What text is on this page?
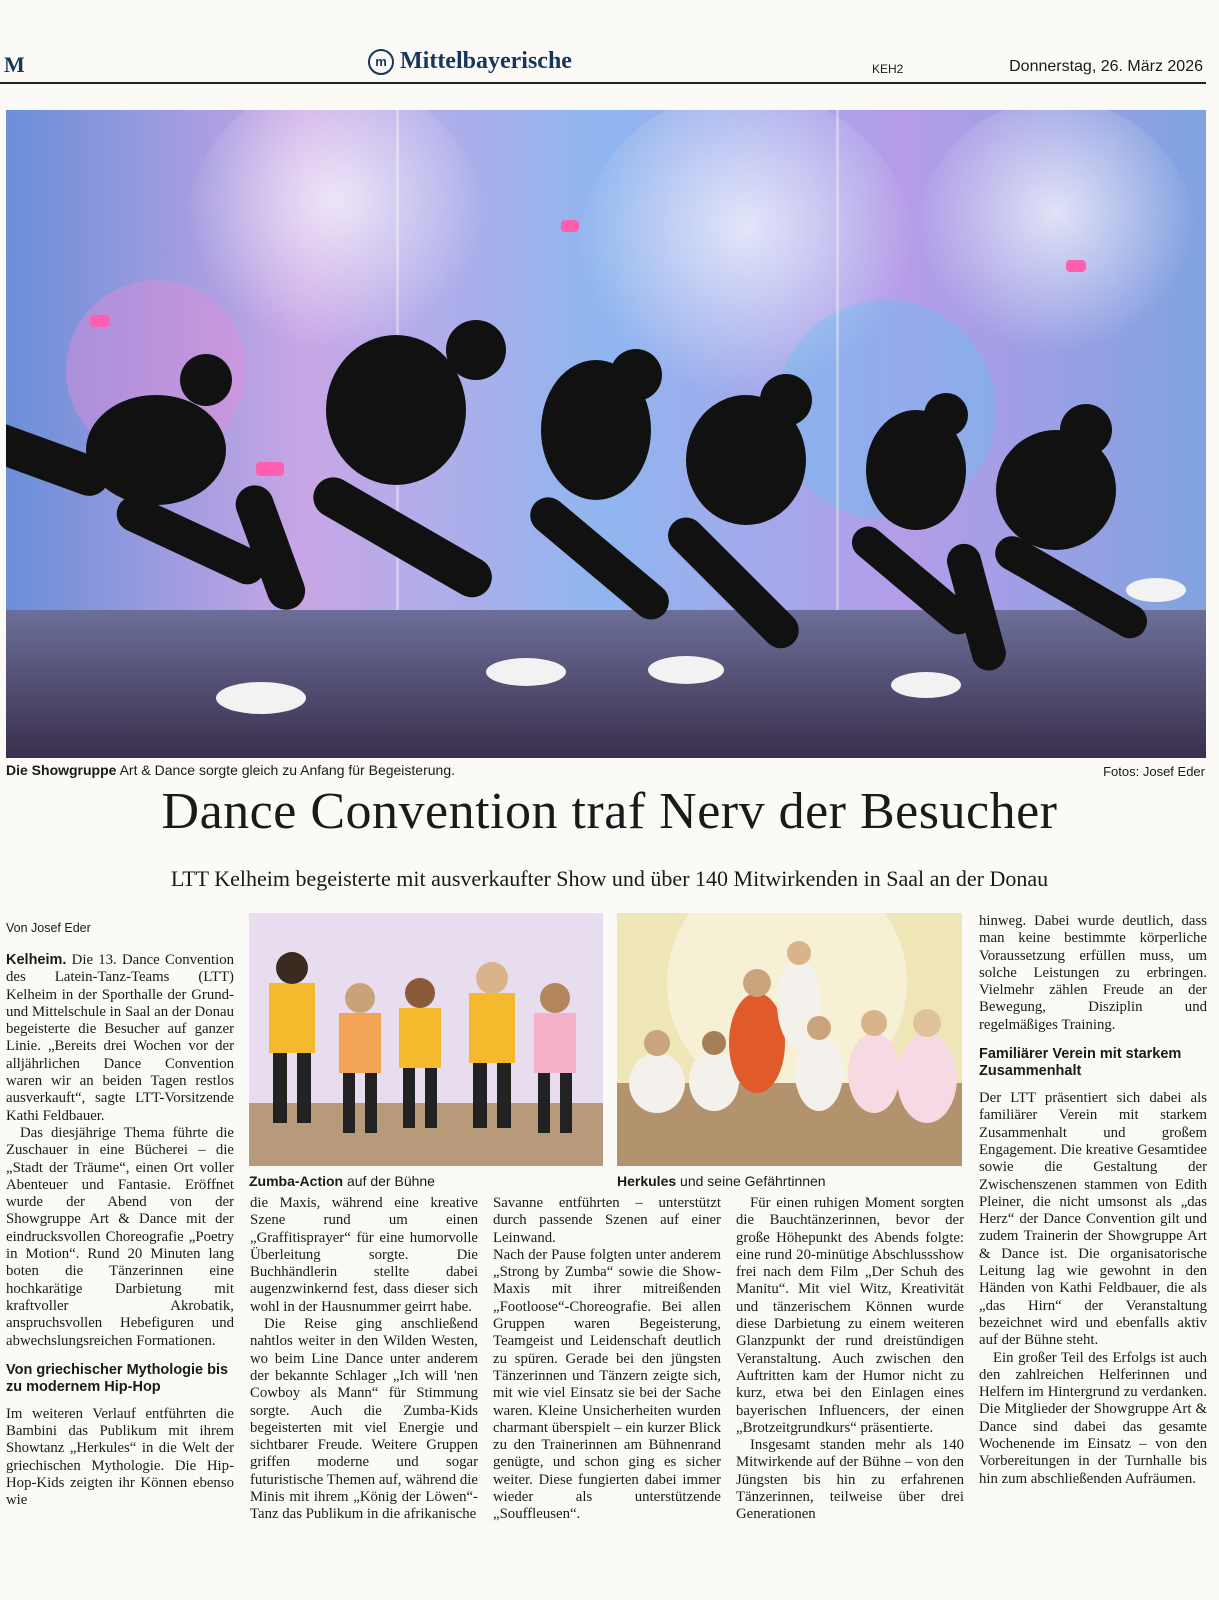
M	m Mittelbayerische	KEH2	Donnerstag, 26. März 2026
Die Showgruppe Art & Dance sorgte gleich zu Anfang für Begeisterung.	Fotos: Josef Eder
Dance Convention traf Nerv der Besucher
LTT Kelheim begeisterte mit ausverkaufter Show und über 140 Mitwirkenden in Saal an der Donau
Von Josef Eder

Kelheim. Die 13. Dance Convention des Latein-Tanz-Teams (LTT) Kelheim in der Sporthalle der Grund- und Mittelschule in Saal an der Donau begeisterte die Besucher auf ganzer Linie. „Bereits drei Wochen vor der alljährlichen Dance Convention waren wir an beiden Tagen restlos ausverkauft“, sagte LTT-Vorsitzende Kathi Feldbauer.

Das diesjährige Thema führte die Zuschauer in eine Bücherei – die „Stadt der Träume“, einen Ort voller Abenteuer und Fantasie. Eröffnet wurde der Abend von der Showgruppe Art & Dance mit der eindrucksvollen Choreografie „Poetry in Motion“. Rund 20 Minuten lang boten die Tänzerinnen eine hochkarätige Darbietung mit kraftvoller Akrobatik, anspruchsvollen Hebefiguren und abwechslungsreichen Formationen.

Von griechischer Mythologie bis zu modernem Hip-Hop

Im weiteren Verlauf entführten die Bambini das Publikum mit ihrem Showtanz „Herkules“ in die Welt der griechischen Mythologie. Die Hip-Hop-Kids zeigten ihr Können ebenso wie

Zumba-Action auf der Bühne	Herkules und seine Gefährtinnen

die Maxis, während eine kreative Szene rund um einen „Graffitisprayer“ für eine humorvolle Überleitung sorgte. Die Buchhändlerin stellte dabei augenzwinkernd fest, dass dieser sich wohl in der Hausnummer geirrt habe.

Die Reise ging anschließend nahtlos weiter in den Wilden Westen, wo beim Line Dance unter anderem der bekannte Schlager „Ich will 'nen Cowboy als Mann“ für Stimmung sorgte. Auch die Zumba-Kids begeisterten mit viel Energie und sichtbarer Freude. Weitere Gruppen griffen moderne und sogar futuristische Themen auf, während die Minis mit ihrem „König der Löwen“-Tanz das Publikum in die afrikanische

Savanne entführten – unterstützt durch passende Szenen auf einer Leinwand.

Nach der Pause folgten unter anderem „Strong by Zumba“ sowie die Show-Maxis mit ihrer mitreißenden „Footloose“-Choreografie. Bei allen Gruppen waren Begeisterung, Teamgeist und Leidenschaft deutlich zu spüren. Gerade bei den jüngsten Tänzerinnen und Tänzern zeigte sich, mit wie viel Einsatz sie bei der Sache waren. Kleine Unsicherheiten wurden charmant überspielt – ein kurzer Blick zu den Trainerinnen am Bühnenrand genügte, und schon ging es sicher weiter. Diese fungierten dabei immer wieder als unterstützende „Souffleusen“.

Für einen ruhigen Moment sorgten die Bauchtänzerinnen, bevor der große Höhepunkt des Abends folgte: eine rund 20-minütige Abschlussshow frei nach dem Film „Der Schuh des Manitu“. Mit viel Witz, Kreativität und tänzerischem Können wurde diese Darbietung zu einem weiteren Glanzpunkt der rund dreistündigen Veranstaltung. Auch zwischen den Auftritten kam der Humor nicht zu kurz, etwa bei den Einlagen eines bayerischen Influencers, der einen „Brotzeitgrundkurs“ präsentierte.

Insgesamt standen mehr als 140 Mitwirkende auf der Bühne – von den Jüngsten bis hin zu erfahrenen Tänzerinnen, teilweise über drei Generationen

hinweg. Dabei wurde deutlich, dass man keine bestimmte körperliche Voraussetzung erfüllen muss, um solche Leistungen zu erbringen. Vielmehr zählen Freude an der Bewegung, Disziplin und regelmäßiges Training.

Familiärer Verein mit starkem Zusammenhalt

Der LTT präsentiert sich dabei als familiärer Verein mit starkem Zusammenhalt und großem Engagement. Die kreative Gesamtidee sowie die Gestaltung der Zwischenszenen stammen von Edith Pleiner, die nicht umsonst als „das Herz“ der Dance Convention gilt und zudem Trainerin der Showgruppe Art & Dance ist. Die organisatorische Leitung lag wie gewohnt in den Händen von Kathi Feldbauer, die als „das Hirn“ der Veranstaltung bezeichnet wird und ebenfalls aktiv auf der Bühne steht.

Ein großer Teil des Erfolgs ist auch den zahlreichen Helferinnen und Helfern im Hintergrund zu verdanken. Die Mitglieder der Showgruppe Art & Dance sind dabei das gesamte Wochenende im Einsatz – von den Vorbereitungen in der Turnhalle bis hin zum abschließenden Aufräumen.
